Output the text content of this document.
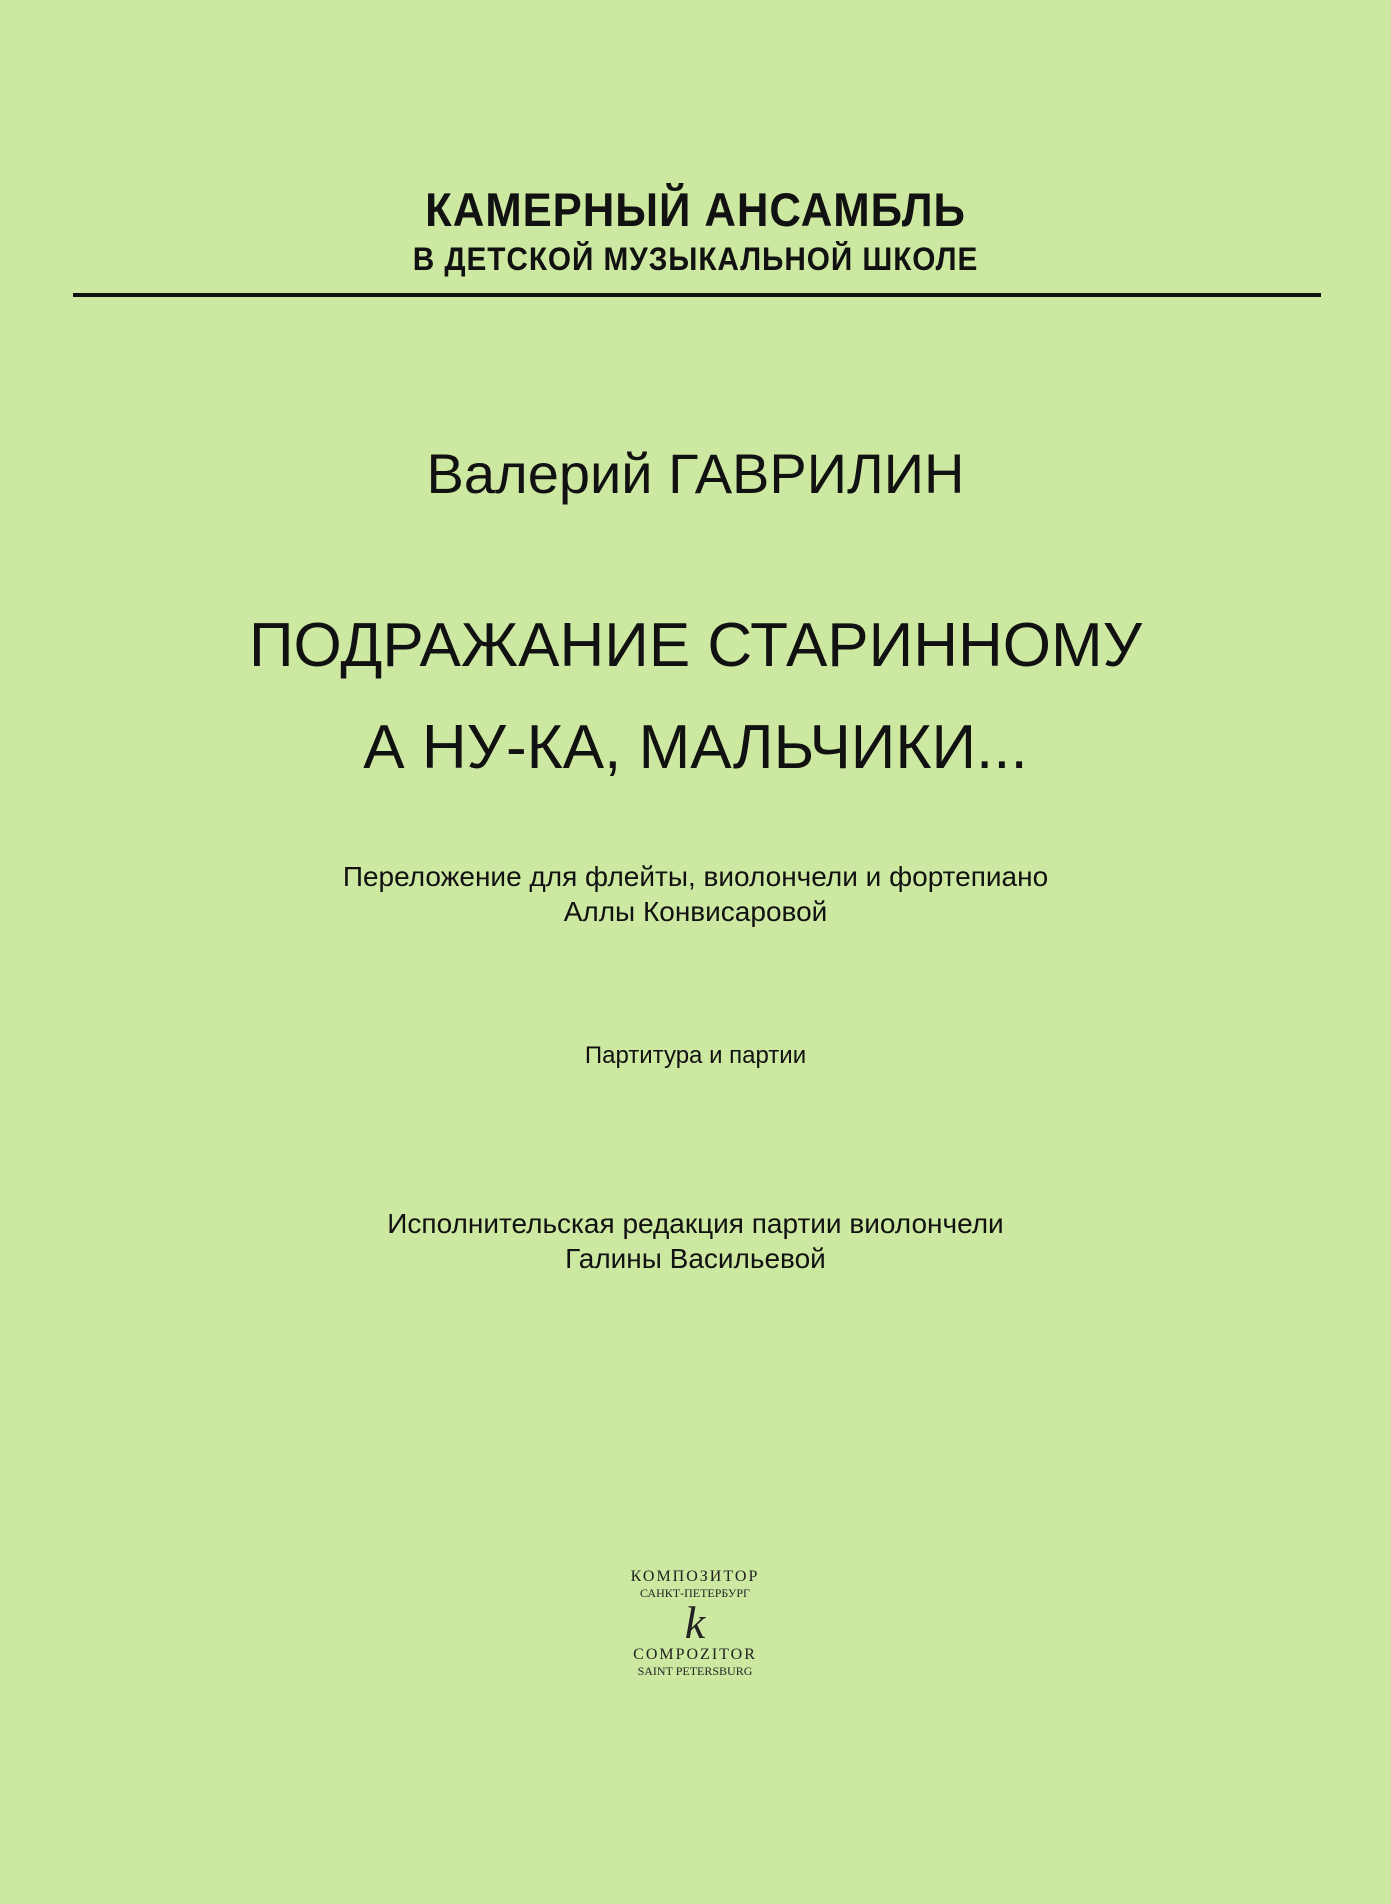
КАМЕРНЫЙ АНСАМБЛЬ
В ДЕТСКОЙ МУЗЫКАЛЬНОЙ ШКОЛЕ
Валерий ГАВРИЛИН
ПОДРАЖАНИЕ СТАРИННОМУ
А НУ-КА, МАЛЬЧИКИ...
Переложение для флейты, виолончели и фортепиано
Аллы Конвисаровой
Партитура и партии
Исполнительская редакция партии виолончели
Галины Васильевой
КОМПОЗИТОР
САНКТ-ПЕТЕРБУРГ
k
COMPOZITOR
SAINT PETERSBURG
